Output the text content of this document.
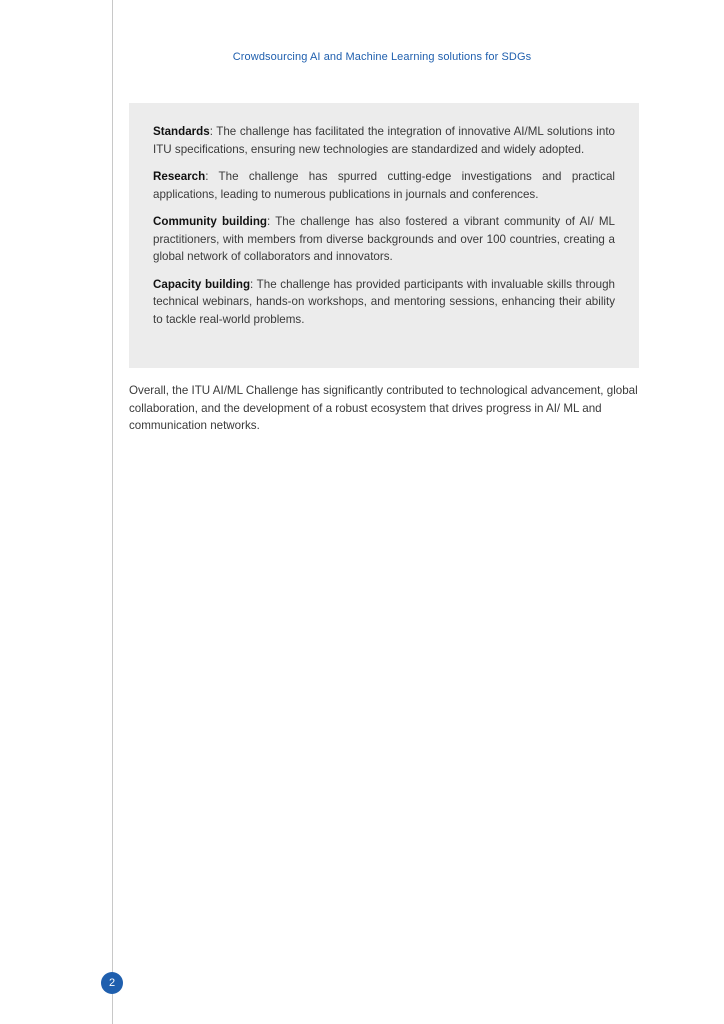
Crowdsourcing AI and Machine Learning solutions for SDGs

Standards: The challenge has facilitated the integration of innovative AI/ML solutions into ITU specifications, ensuring new technologies are standardized and widely adopted.

Research: The challenge has spurred cutting-edge investigations and practical applications, leading to numerous publications in journals and conferences.

Community building: The challenge has also fostered a vibrant community of AI/ ML practitioners, with members from diverse backgrounds and over 100 countries, creating a global network of collaborators and innovators.

Capacity building: The challenge has provided participants with invaluable skills through technical webinars, hands-on workshops, and mentoring sessions, enhancing their ability to tackle real-world problems.

Overall, the ITU AI/ML Challenge has significantly contributed to technological advancement, global collaboration, and the development of a robust ecosystem that drives progress in AI/ ML and communication networks.

2
